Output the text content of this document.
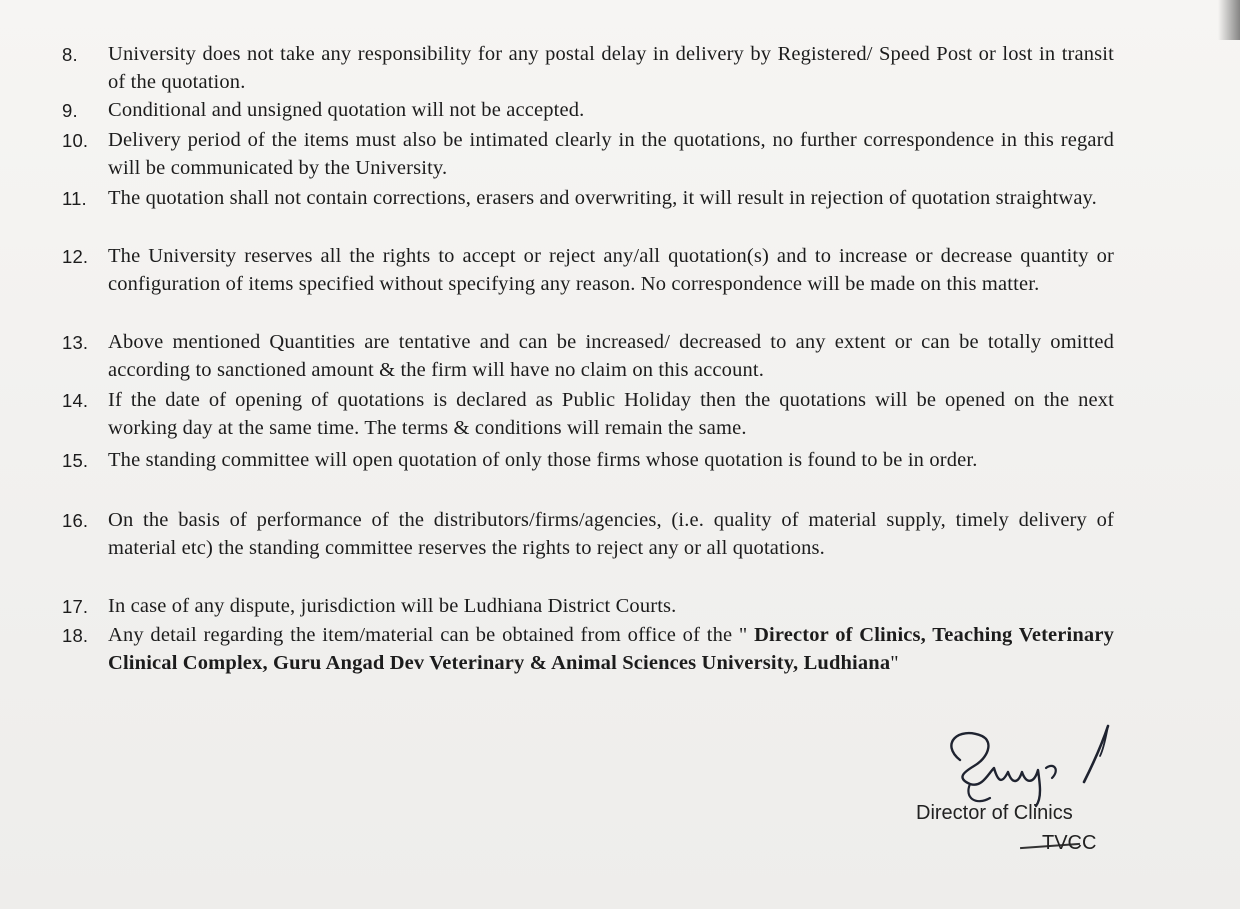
8.	University does not take any responsibility for any postal delay in delivery by Registered/ Speed Post or lost in transit of the quotation.
9.	Conditional and unsigned quotation will not be accepted.
10. Delivery period of the items must also be intimated clearly in the quotations, no further correspondence in this regard will be communicated by the University.
11.	The quotation shall not contain corrections, erasers and overwriting, it will result in rejection of quotation straightway.
12. The University reserves all the rights to accept or reject any/all quotation(s) and to increase or decrease quantity or configuration of items specified without specifying any reason. No correspondence will be made on this matter.
13. Above mentioned Quantities are tentative and can be increased/ decreased to any extent or can be totally omitted according to sanctioned amount & the firm will have no claim on this account.
14. If the date of opening of quotations is declared as Public Holiday then the quotations will be opened on the next working day at the same time. The terms & conditions will remain the same.
15. The standing committee will open quotation of only those firms whose quotation is found to be in order.
16. On the basis of performance of the distributors/firms/agencies, (i.e. quality of material supply, timely delivery of material etc) the standing committee reserves the rights to reject any or all quotations.
17. In case of any dispute, jurisdiction will be Ludhiana District Courts.
18. Any detail regarding the item/material can be obtained from office of the " Director of Clinics, Teaching Veterinary Clinical Complex, Guru Angad Dev Veterinary & Animal Sciences University, Ludhiana"
Director of Clinics
TVCC
